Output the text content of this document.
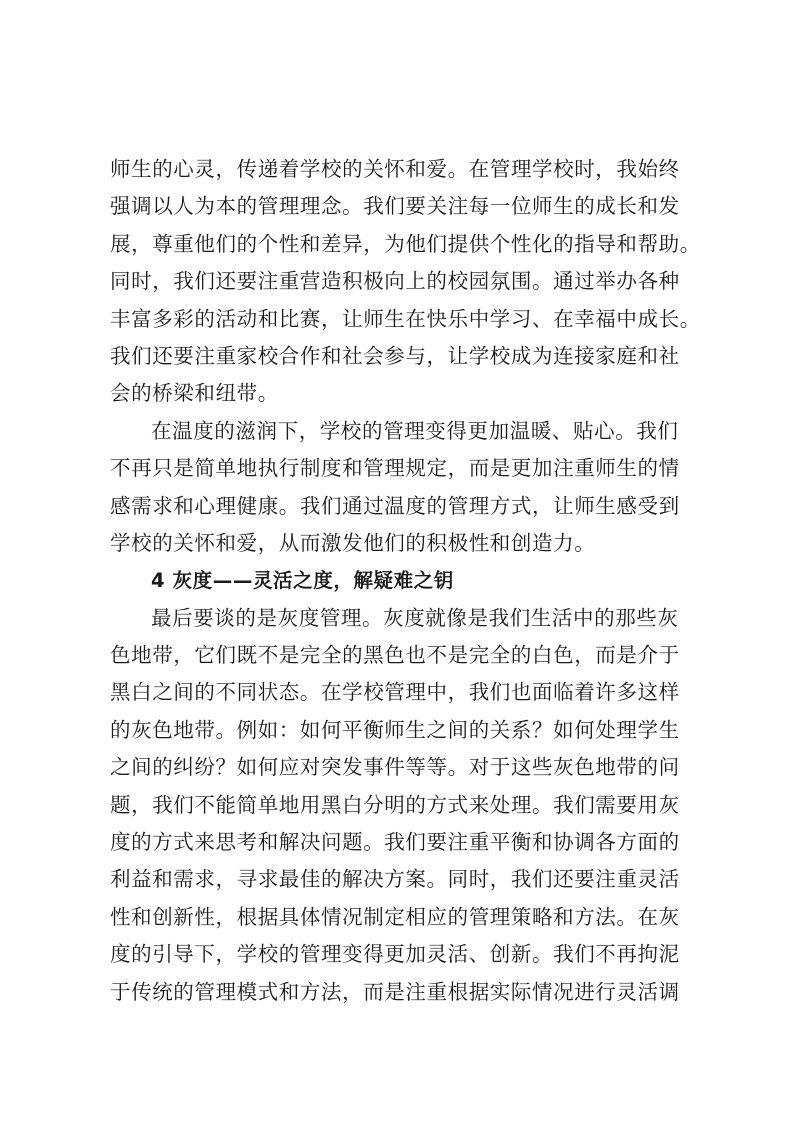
师生的心灵，传递着学校的关怀和爱。在管理学校时，我始终
强调以人为本的管理理念。我们要关注每一位师生的成长和发
展，尊重他们的个性和差异，为他们提供个性化的指导和帮助。
同时，我们还要注重营造积极向上的校园氛围。通过举办各种
丰富多彩的活动和比赛，让师生在快乐中学习、在幸福中成长。
我们还要注重家校合作和社会参与，让学校成为连接家庭和社
会的桥梁和纽带。
在温度的滋润下，学校的管理变得更加温暖、贴心。我们
不再只是简单地执行制度和管理规定，而是更加注重师生的情
感需求和心理健康。我们通过温度的管理方式，让师生感受到
学校的关怀和爱，从而激发他们的积极性和创造力。
4 灰度——灵活之度，解疑难之钥
最后要谈的是灰度管理。灰度就像是我们生活中的那些灰
色地带，它们既不是完全的黑色也不是完全的白色，而是介于
黑白之间的不同状态。在学校管理中，我们也面临着许多这样
的灰色地带。例如：如何平衡师生之间的关系？如何处理学生
之间的纠纷？如何应对突发事件等等。对于这些灰色地带的问
题，我们不能简单地用黑白分明的方式来处理。我们需要用灰
度的方式来思考和解决问题。我们要注重平衡和协调各方面的
利益和需求，寻求最佳的解决方案。同时，我们还要注重灵活
性和创新性，根据具体情况制定相应的管理策略和方法。在灰
度的引导下，学校的管理变得更加灵活、创新。我们不再拘泥
于传统的管理模式和方法，而是注重根据实际情况进行灵活调
